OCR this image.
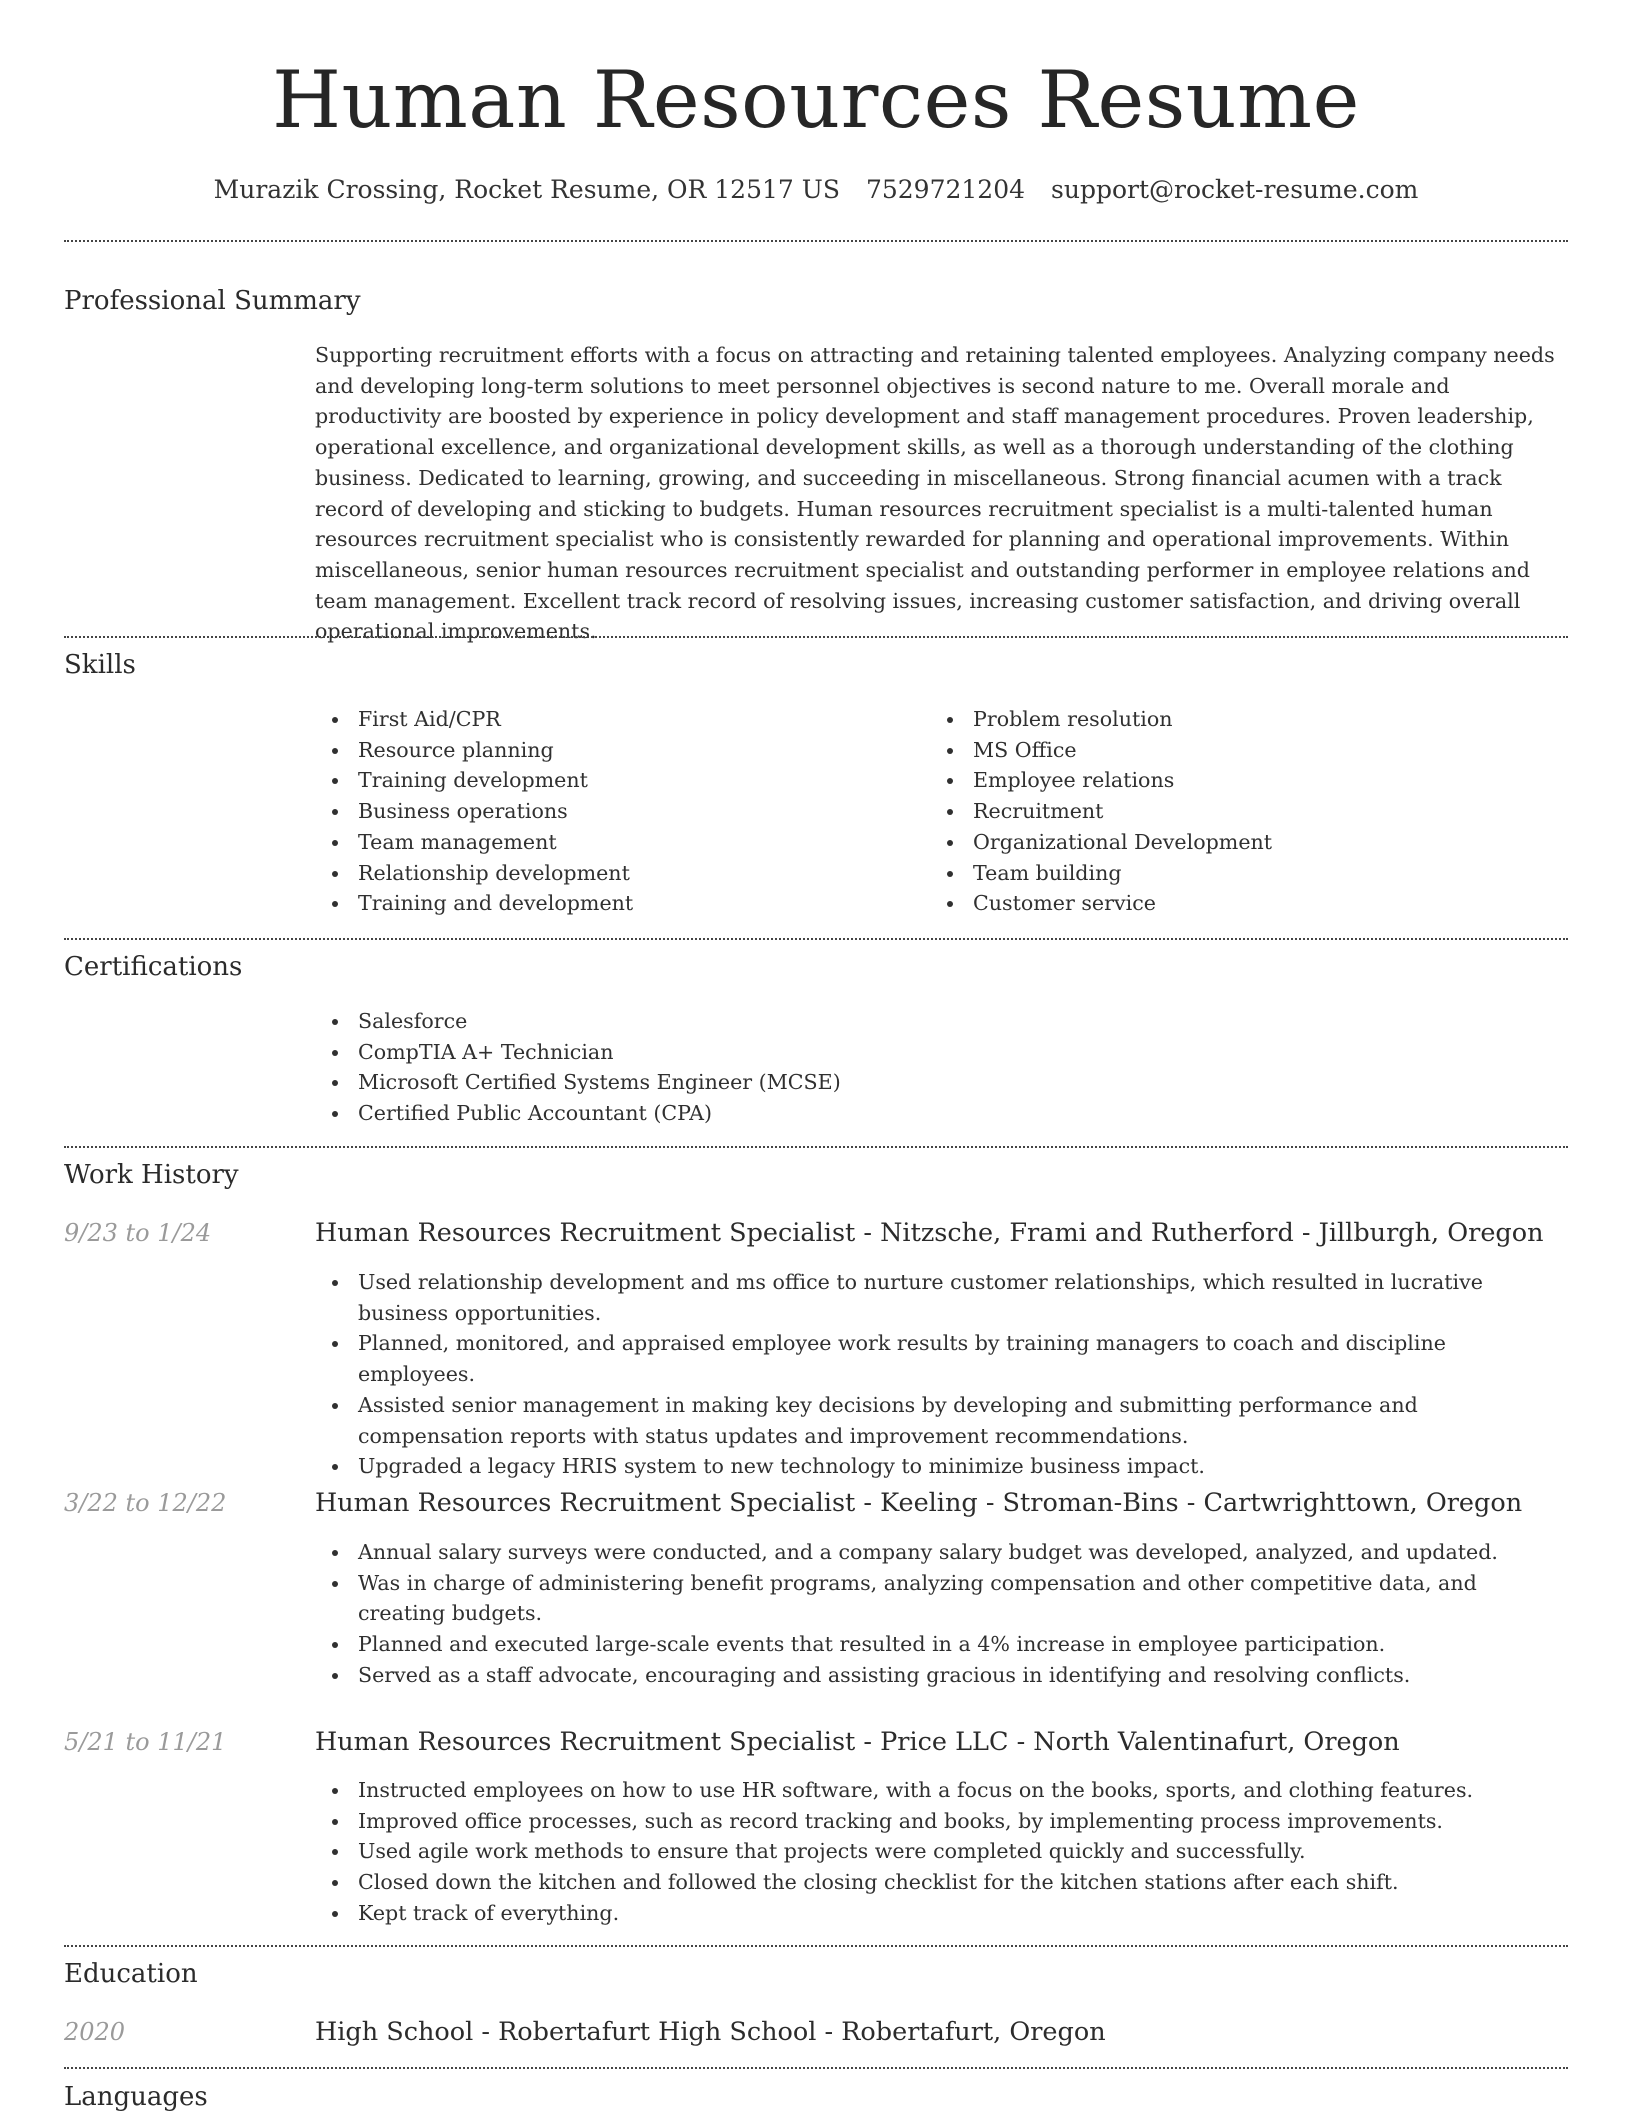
Human Resources Resume
Murazik Crossing, Rocket Resume, OR 12517 US 7529721204 support@rocket-resume.com
Professional Summary

Supporting recruitment efforts with a focus on attracting and retaining talented employees. Analyzing company needs and developing long-term solutions to meet personnel objectives is second nature to me. Overall morale and productivity are boosted by experience in policy development and staff management procedures. Proven leadership, operational excellence, and organizational development skills, as well as a thorough understanding of the clothing business. Dedicated to learning, growing, and succeeding in miscellaneous. Strong financial acumen with a track record of developing and sticking to budgets. Human resources recruitment specialist is a multi-talented human resources recruitment specialist who is consistently rewarded for planning and operational improvements. Within miscellaneous, senior human resources recruitment specialist and outstanding performer in employee relations and team management. Excellent track record of resolving issues, increasing customer satisfaction, and driving overall operational improvements.

Skills
First Aid/CPR
Resource planning
Training development
Business operations
Team management
Relationship development
Training and development
Problem resolution
MS Office
Employee relations
Recruitment
Organizational Development
Team building
Customer service
Certifications
Salesforce
CompTIA A+ Technician
Microsoft Certified Systems Engineer (MCSE)
Certified Public Accountant (CPA)
Work History
9/23 to 1/24	Human Resources Recruitment Specialist - Nitzsche, Frami and Rutherford - Jillburgh, Oregon
Used relationship development and ms office to nurture customer relationships, which resulted in lucrative business opportunities.
Planned, monitored, and appraised employee work results by training managers to coach and discipline employees.
Assisted senior management in making key decisions by developing and submitting performance and compensation reports with status updates and improvement recommendations.
Upgraded a legacy HRIS system to new technology to minimize business impact.
3/22 to 12/22	Human Resources Recruitment Specialist - Keeling - Stroman-Bins - Cartwrighttown, Oregon
Annual salary surveys were conducted, and a company salary budget was developed, analyzed, and updated.
Was in charge of administering benefit programs, analyzing compensation and other competitive data, and creating budgets.
Planned and executed large-scale events that resulted in a 4% increase in employee participation.
Served as a staff advocate, encouraging and assisting gracious in identifying and resolving conflicts.
5/21 to 11/21	Human Resources Recruitment Specialist - Price LLC - North Valentinafurt, Oregon
Instructed employees on how to use HR software, with a focus on the books, sports, and clothing features.
Improved office processes, such as record tracking and books, by implementing process improvements.
Used agile work methods to ensure that projects were completed quickly and successfully.
Closed down the kitchen and followed the closing checklist for the kitchen stations after each shift.
Kept track of everything.
Education
2020	High School - Robertafurt High School - Robertafurt, Oregon
Languages
